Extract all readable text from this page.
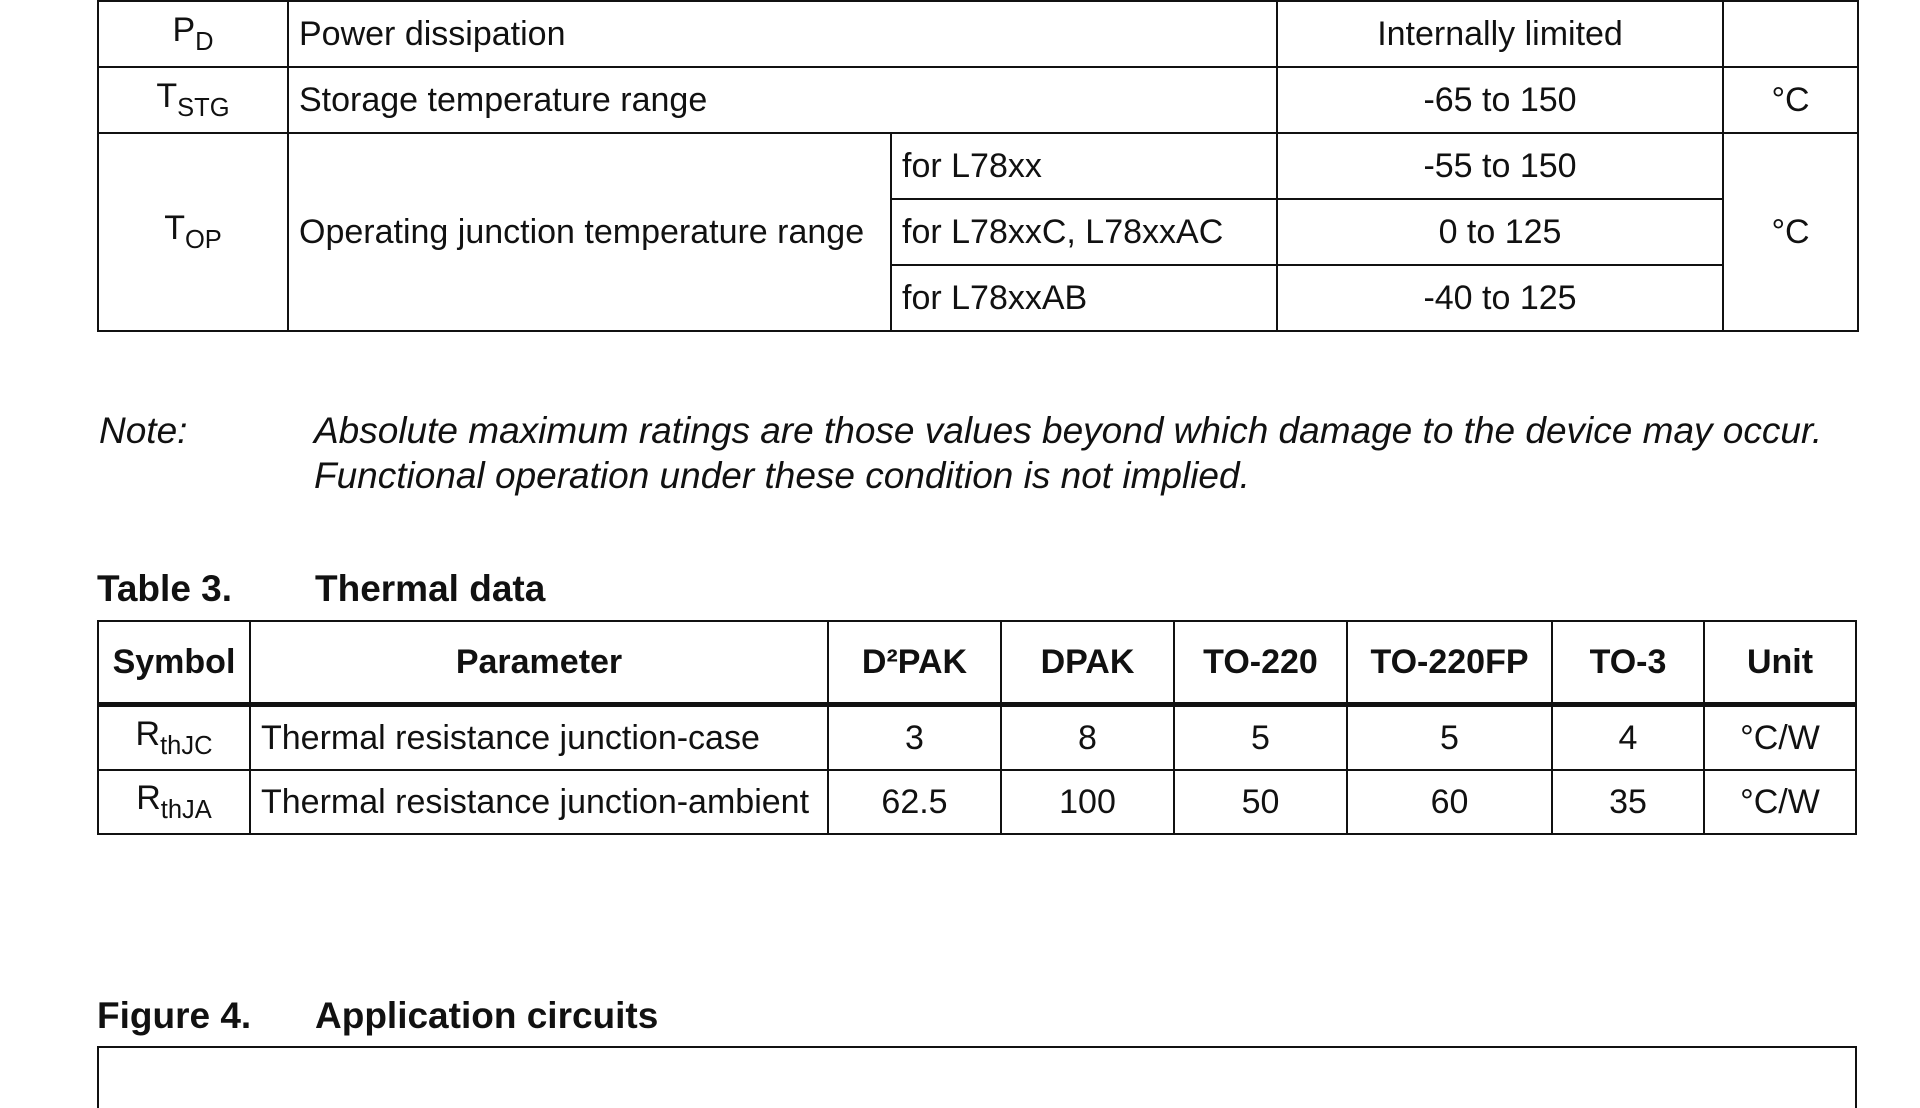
$P_D$	Power dissipation		Internally limited	
$T_{STG}$	Storage temperature range		-65 to 150	°C
$T_{OP}$	Operating junction temperature range	for L78xx	-55 to 150	°C
		for L78xxC, L78xxAC	0 to 125	
		for L78xxAB	-40 to 125	
Note:	Absolute maximum ratings are those values beyond which damage to the device may occur. Functional operation under these condition is not implied.
Table 3. Thermal data
Symbol	Parameter	D²PAK	DPAK	TO-220	TO-220FP	TO-3	Unit
$R_{thJC}$	Thermal resistance junction-case	3	8	5	5	4	°C/W
$R_{thJA}$	Thermal resistance junction-ambient	62.5	100	50	60	35	°C/W
Figure 4. Application circuits
